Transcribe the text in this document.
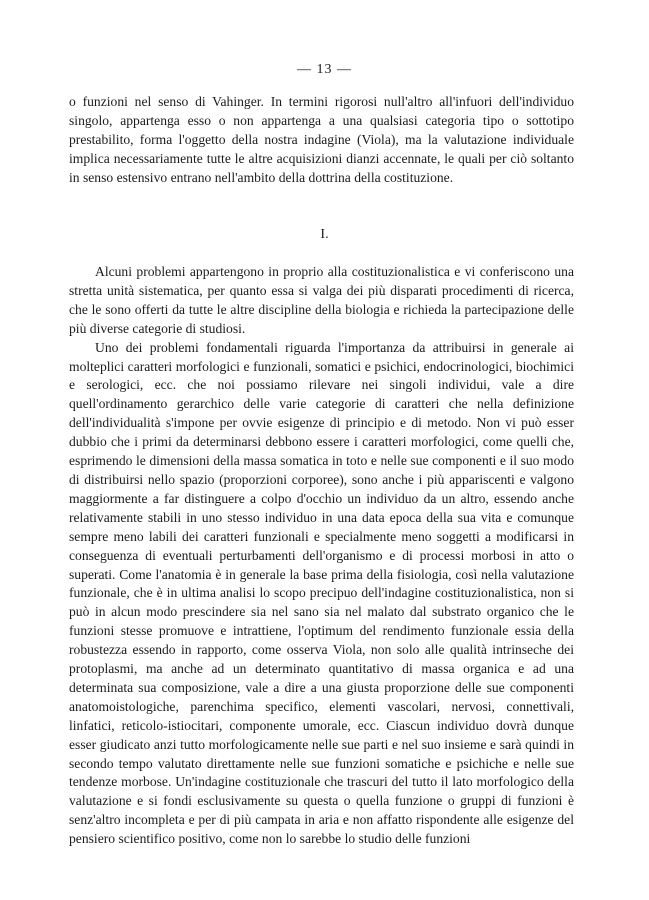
— 13 —

o funzioni nel senso di Vahinger. In termini rigorosi null'altro all'infuori dell'individuo singolo, appartenga esso o non appartenga a una qualsiasi categoria tipo o sottotipo prestabilito, forma l'oggetto della nostra indagine (Viola), ma la valutazione individuale implica necessariamente tutte le altre acquisizioni dianzi accennate, le quali per ciò soltanto in senso estensivo entrano nell'ambito della dottrina della costituzione.

I.

Alcuni problemi appartengono in proprio alla costituzionalistica e vi conferiscono una stretta unità sistematica, per quanto essa si valga dei più disparati procedimenti di ricerca, che le sono offerti da tutte le altre discipline della biologia e richieda la partecipazione delle più diverse categorie di studiosi.

Uno dei problemi fondamentali riguarda l'importanza da attribuirsi in generale ai molteplici caratteri morfologici e funzionali, somatici e psichici, endocrinologici, biochimici e serologici, ecc. che noi possiamo rilevare nei singoli individui, vale a dire quell'ordinamento gerarchico delle varie categorie di caratteri che nella definizione dell'individualità s'impone per ovvie esigenze di principio e di metodo. Non vi può esser dubbio che i primi da determinarsi debbono essere i caratteri morfologici, come quelli che, esprimendo le dimensioni della massa somatica in toto e nelle sue componenti e il suo modo di distribuirsi nello spazio (proporzioni corporee), sono anche i più appariscenti e valgono maggiormente a far distinguere a colpo d'occhio un individuo da un altro, essendo anche relativamente stabili in uno stesso individuo in una data epoca della sua vita e comunque sempre meno labili dei caratteri funzionali e specialmente meno soggetti a modificarsi in conseguenza di eventuali perturbamenti dell'organismo e di processi morbosi in atto o superati. Come l'anatomia è in generale la base prima della fisiologia, così nella valutazione funzionale, che è in ultima analisi lo scopo precipuo dell'indagine costituzionalistica, non si può in alcun modo prescindere sia nel sano sia nel malato dal substrato organico che le funzioni stesse promuove e intrattiene, l'optimum del rendimento funzionale essia della robustezza essendo in rapporto, come osserva Viola, non solo alle qualità intrinseche dei protoplasmi, ma anche ad un determinato quantitativo di massa organica e ad una determinata sua composizione, vale a dire a una giusta proporzione delle sue componenti anatomoistologiche, parenchima specifico, elementi vascolari, nervosi, connettivali, linfatici, reticolo-istiocitari, componente umorale, ecc. Ciascun individuo dovrà dunque esser giudicato anzi tutto morfologicamente nelle sue parti e nel suo insieme e sarà quindi in secondo tempo valutato direttamente nelle sue funzioni somatiche e psichiche e nelle sue tendenze morbose. Un'indagine costituzionale che trascuri del tutto il lato morfologico della valutazione e si fondi esclusivamente su questa o quella funzione o gruppi di funzioni è senz'altro incompleta e per di più campata in aria e non affatto rispondente alle esigenze del pensiero scientifico positivo, come non lo sarebbe lo studio delle funzioni
